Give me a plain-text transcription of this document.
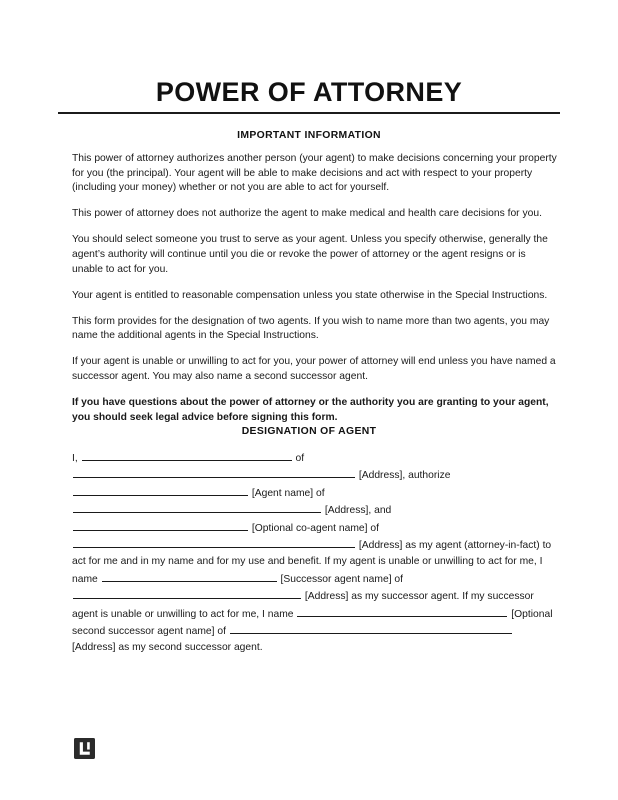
POWER OF ATTORNEY
IMPORTANT INFORMATION

This power of attorney authorizes another person (your agent) to make decisions concerning your property for you (the principal). Your agent will be able to make decisions and act with respect to your property (including your money) whether or not you are able to act for yourself.

This power of attorney does not authorize the agent to make medical and health care decisions for you.

You should select someone you trust to serve as your agent. Unless you specify otherwise, generally the agent’s authority will continue until you die or revoke the power of attorney or the agent resigns or is unable to act for you.

Your agent is entitled to reasonable compensation unless you state otherwise in the Special Instructions.

This form provides for the designation of two agents. If you wish to name more than two agents, you may name the additional agents in the Special Instructions.

If your agent is unable or unwilling to act for you, your power of attorney will end unless you have named a successor agent. You may also name a second successor agent.

If you have questions about the power of attorney or the authority you are granting to your agent, you should seek legal advice before signing this form.

DESIGNATION OF AGENT

I,	of  [Address], authorize  [Agent name] of  [Address], and  [Optional co-agent name] of  [Address] as my agent (attorney-in-fact) to act for me and in my name and for my use and benefit. If my agent is unable or unwilling to act for me, I name	[Successor agent name] of  [Address] as my successor agent. If my successor agent is unable or unwilling to act for me, I name	[Optional second successor agent name] of  [Address] as my second successor agent.
